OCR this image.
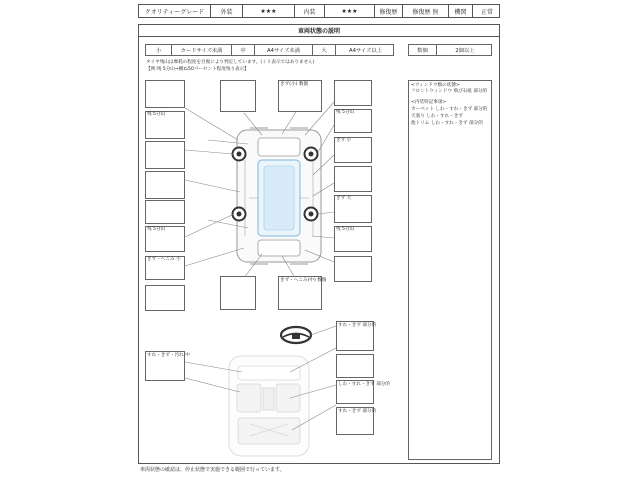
クオリティーグレード	外装	★★★	内装	★★★	修復歴	修復歴 無	機関	正常
車両状態の説明
小	カードサイズ未満	中	A4サイズ未満	大	A4サイズ以上	数個	2個以上
タイヤ残山は摩耗の程度を目視により判定しています。(ミリ表示ではありません)
【例:残 5分山→概ね50パーセント程度残り表示】
<ウィンドウ類の状態>
フロントウィンドウ 飛び石痕 部分的
<内装特記事項>
カーペット しわ・すれ・きず 部分的
天張り しわ・すれ・きず
他トリム しわ・すれ・きず 部分的
残 5分山
残 5分山
きず・へこみ 小
きず(小) 数個
残 5分山
きず 小
きず 大
残 5分山
きず・へこみ(中) 数個
すれ・きず 部分的
すれ・きず・汚れ 中
しわ・すれ・きず 部分的
すれ・きず 部分的
車両状態の確認は、停止状態で実施できる範囲で行っています。
